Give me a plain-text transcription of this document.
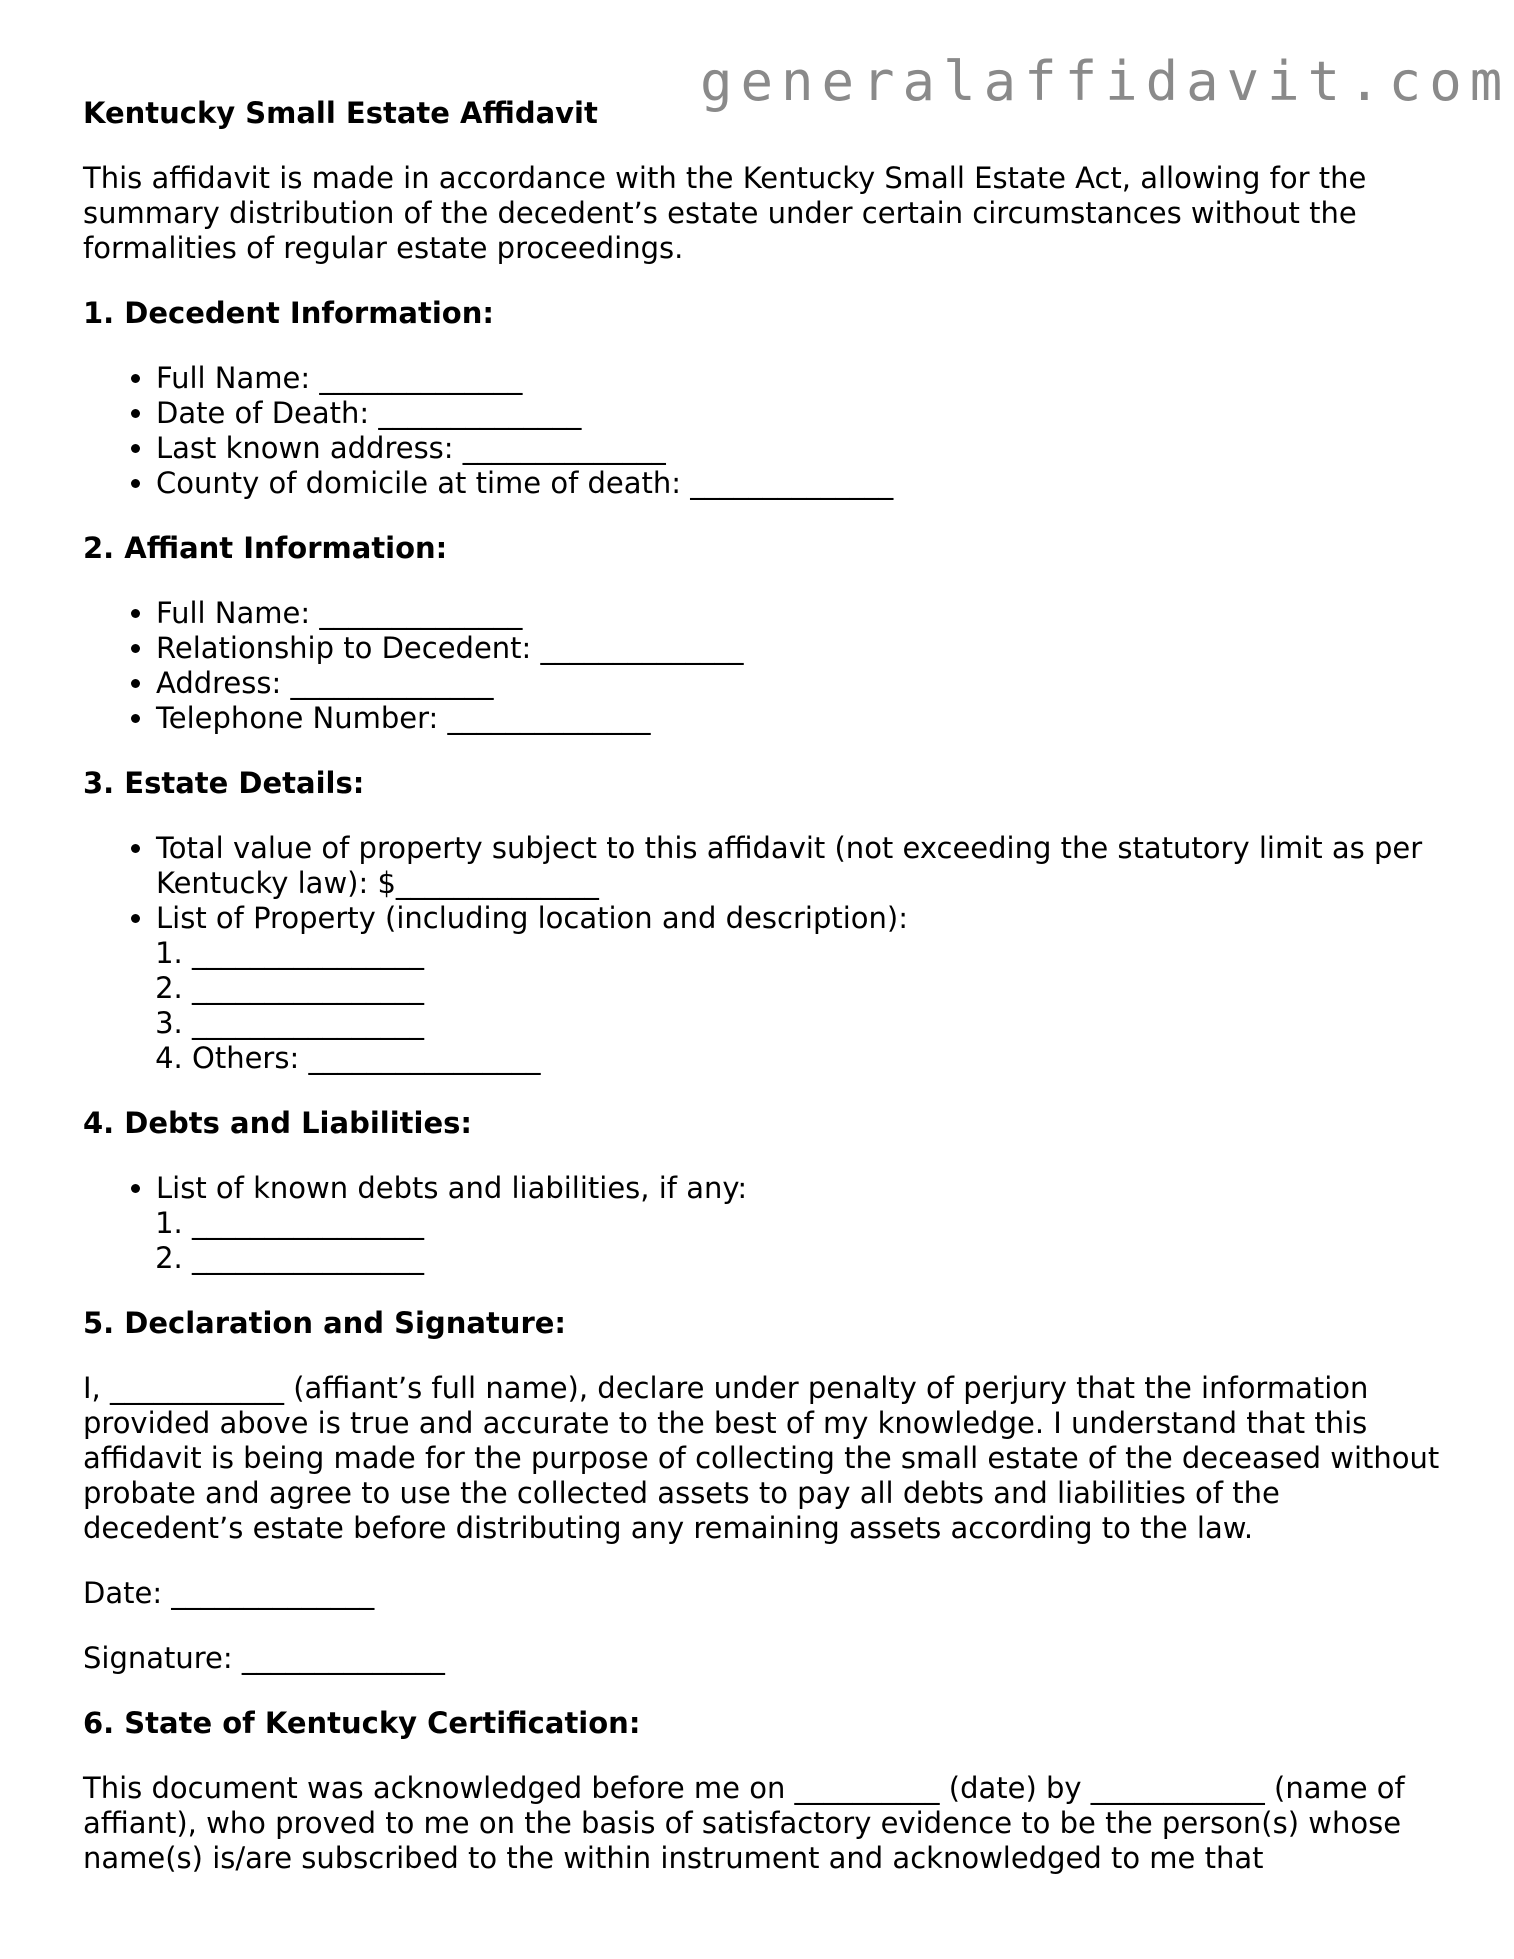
generalaffidavit.com
Kentucky Small Estate Affidavit

This affidavit is made in accordance with the Kentucky Small Estate Act, allowing for the summary distribution of the decedent’s estate under certain circumstances without the formalities of regular estate proceedings.

1. Decedent Information:
• Full Name: ______________
• Date of Death: ______________
• Last known address: ______________
• County of domicile at time of death: ______________
2. Affiant Information:
• Full Name: ______________
• Relationship to Decedent: ______________
• Address: ______________
• Telephone Number: ______________
3. Estate Details:
• Total value of property subject to this affidavit (not exceeding the statutory limit as per Kentucky law): $______________
• List of Property (including location and description):
1. ________________
2. ________________
3. ________________
4. Others: ________________
4. Debts and Liabilities:
• List of known debts and liabilities, if any:
1. ________________
2. ________________
5. Declaration and Signature:

I, ____________ (affiant’s full name), declare under penalty of perjury that the information provided above is true and accurate to the best of my knowledge. I understand that this affidavit is being made for the purpose of collecting the small estate of the deceased without probate and agree to use the collected assets to pay all debts and liabilities of the decedent’s estate before distributing any remaining assets according to the law.

Date: ______________

Signature: ______________

6. State of Kentucky Certification:

This document was acknowledged before me on __________ (date) by ____________ (name of affiant), who proved to me on the basis of satisfactory evidence to be the person(s) whose name(s) is/are subscribed to the within instrument and acknowledged to me that
